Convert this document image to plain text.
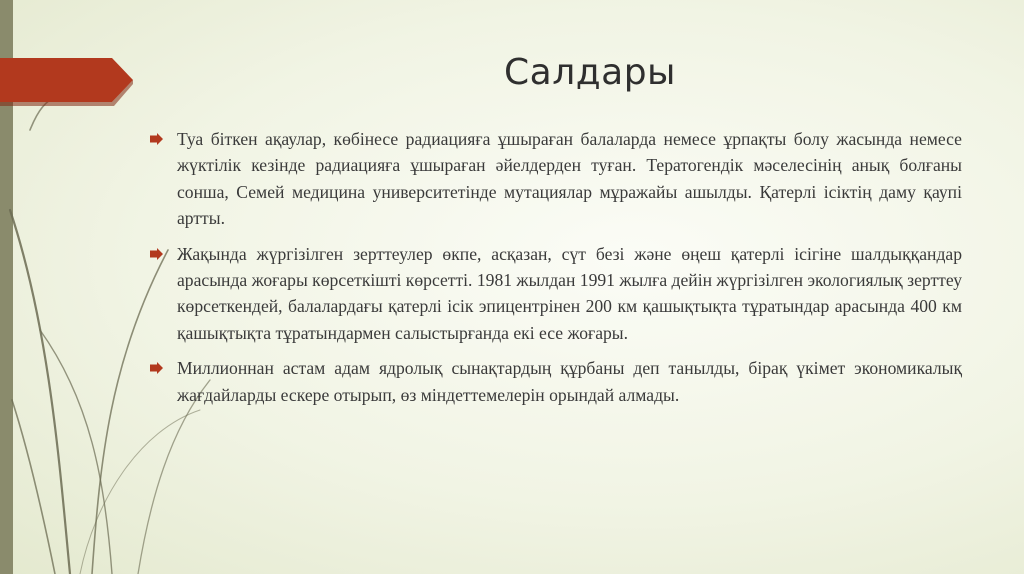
Салдары
Туа біткен ақаулар, көбінесе радиацияға ұшыраған балаларда немесе ұрпақты болу жасында немесе жүктілік кезінде радиацияға ұшыраған әйелдерден туған. Тератогендік мәселесінің анық болғаны сонша, Семей медицина университетінде мутациялар мұражайы ашылды. Қатерлі ісіктің даму қаупі артты.
Жақында жүргізілген зерттеулер өкпе, асқазан, сүт безі және өңеш қатерлі ісігіне шалдыққандар арасында жоғары көрсеткішті көрсетті. 1981 жылдан 1991 жылға дейін жүргізілген экологиялық зерттеу көрсеткендей, балалардағы қатерлі ісік эпицентрінен 200 км қашықтықта тұратындар арасында 400 км қашықтықта тұратындармен салыстырғанда екі есе жоғары.
Миллионнан астам адам ядролық сынақтардың құрбаны деп танылды, бірақ үкімет экономикалық жағдайларды ескере отырып, өз міндеттемелерін орындай алмады.
